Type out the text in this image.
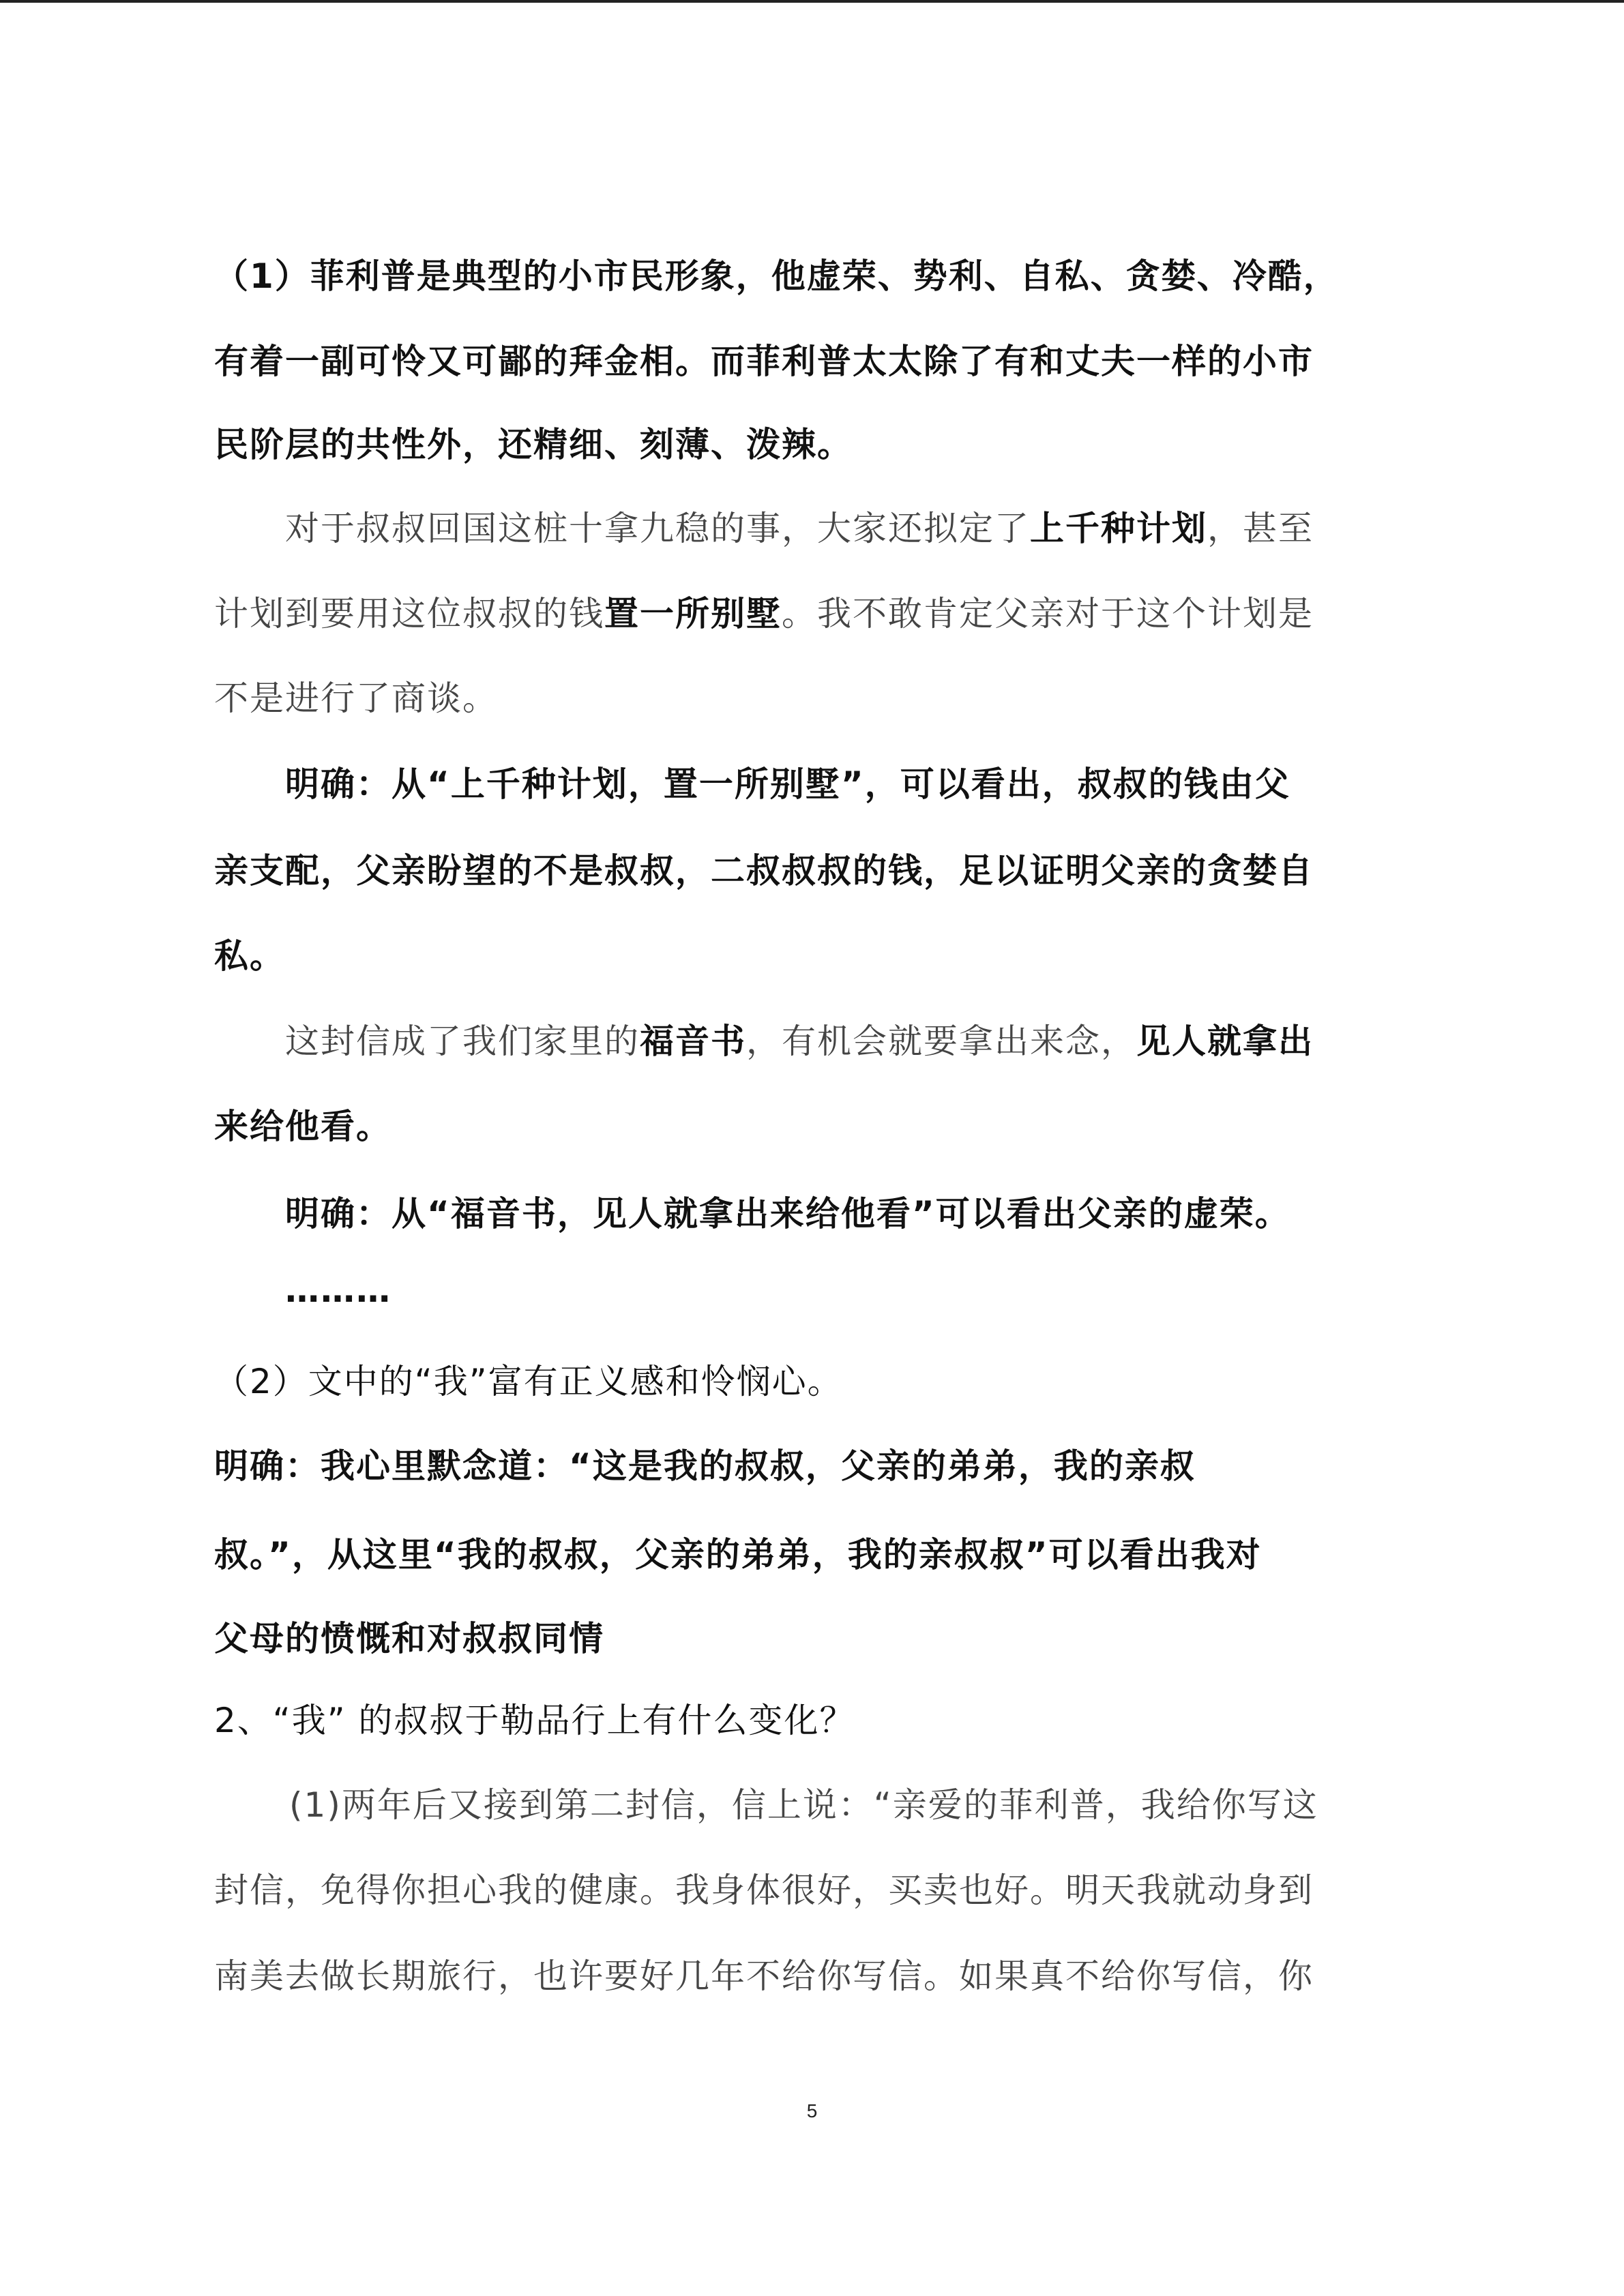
（1）菲利普是典型的小市民形象，他虚荣、势利、自私、贪婪、冷酷，
有着一副可怜又可鄙的拜金相。而菲利普太太除了有和丈夫一样的小市
民阶层的共性外，还精细、刻薄、泼辣。
对于叔叔回国这桩十拿九稳的事，大家还拟定了上千种计划，甚至
计划到要用这位叔叔的钱置一所别墅。我不敢肯定父亲对于这个计划是
不是进行了商谈。
明确：从“上千种计划，置一所别墅”，可以看出，叔叔的钱由父
亲支配，父亲盼望的不是叔叔，二叔叔叔的钱，足以证明父亲的贪婪自
私。
这封信成了我们家里的福音书，有机会就要拿出来念，见人就拿出
来给他看。
明确：从“福音书，见人就拿出来给他看”可以看出父亲的虚荣。
………
（2）文中的“我”富有正义感和怜悯心。
明确：我心里默念道：“这是我的叔叔，父亲的弟弟，我的亲叔
叔。”，从这里“我的叔叔，父亲的弟弟，我的亲叔叔”可以看出我对
父母的愤慨和对叔叔同情
2、“我” 的叔叔于勒品行上有什么变化？
(1)两年后又接到第二封信，信上说：“亲爱的菲利普，我给你写这
封信，免得你担心我的健康。我身体很好，买卖也好。明天我就动身到
南美去做长期旅行，也许要好几年不给你写信。如果真不给你写信，你
5
